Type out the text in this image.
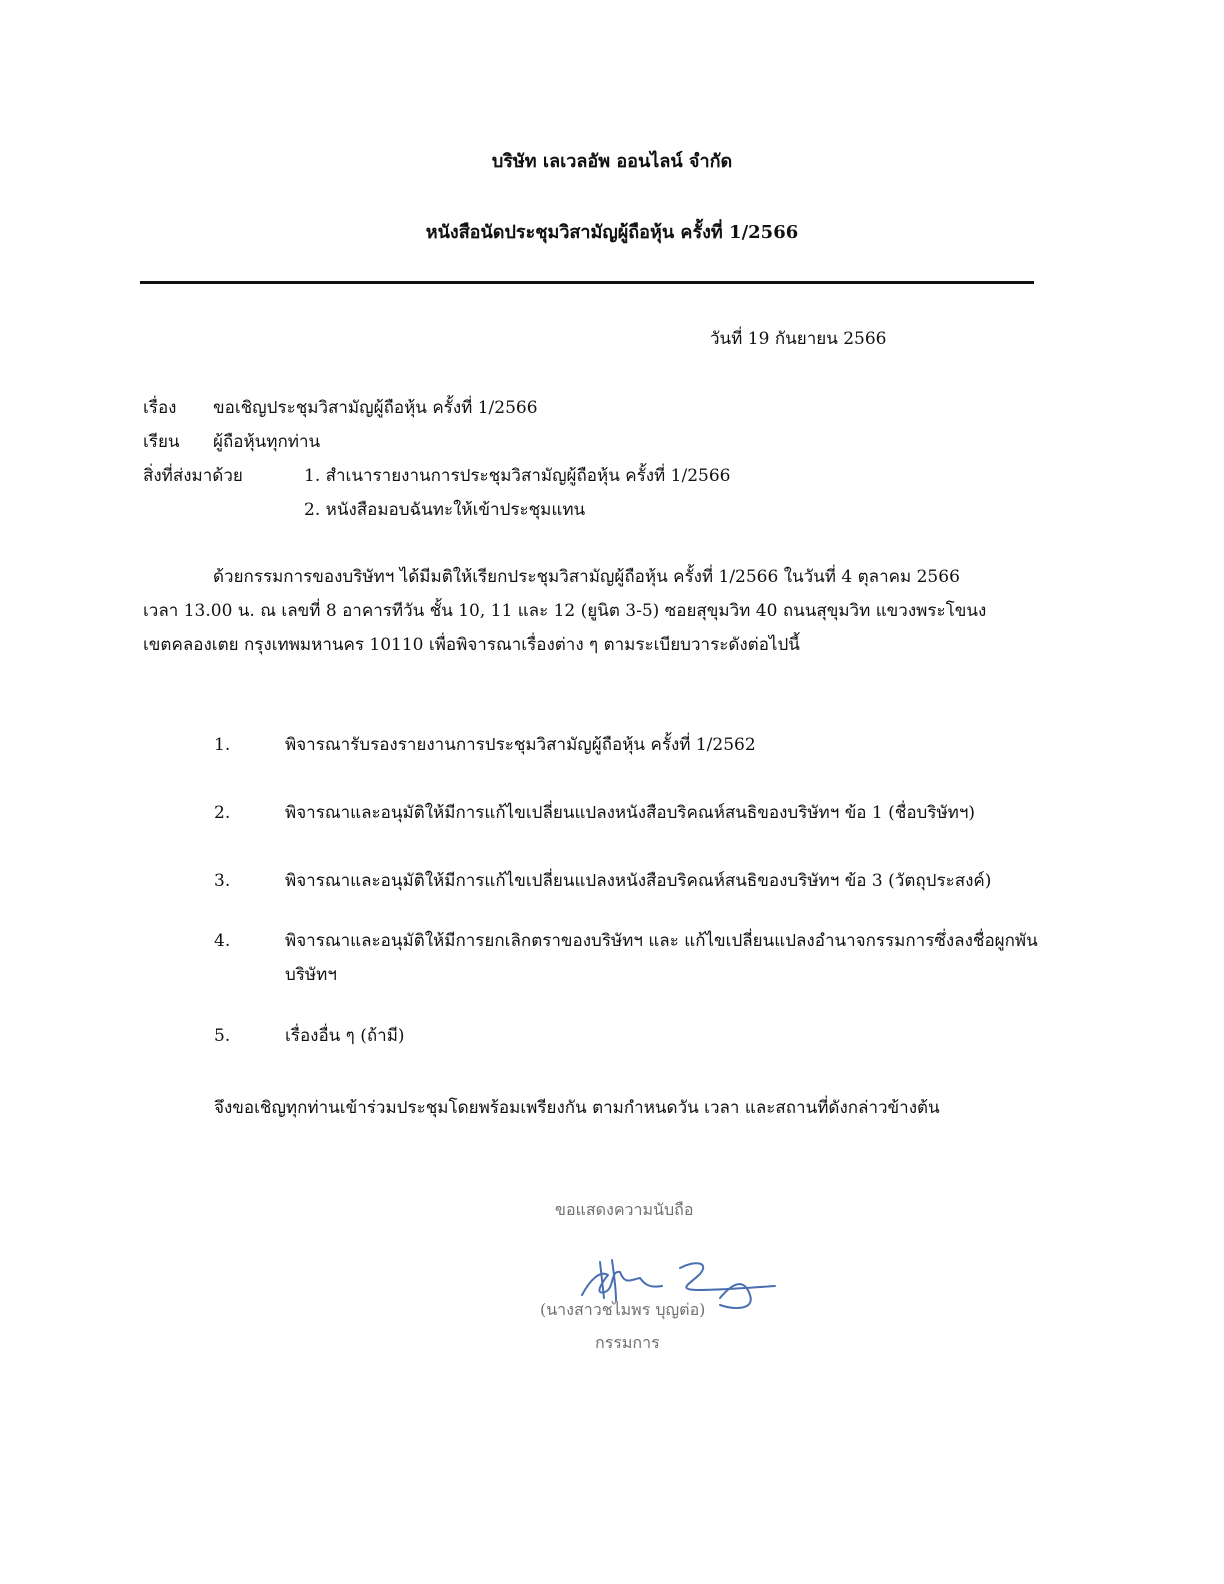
บริษัท เลเวลอัพ ออนไลน์ จำกัด
หนังสือนัดประชุมวิสามัญผู้ถือหุ้น ครั้งที่ 1/2566
วันที่ 19 กันยายน 2566
เรื่อง ขอเชิญประชุมวิสามัญผู้ถือหุ้น ครั้งที่ 1/2566
เรียน ผู้ถือหุ้นทุกท่าน
สิ่งที่ส่งมาด้วย	1. สำเนารายงานการประชุมวิสามัญผู้ถือหุ้น ครั้งที่ 1/2566
2. หนังสือมอบฉันทะให้เข้าประชุมแทน
ด้วยกรรมการของบริษัทฯ ได้มีมติให้เรียกประชุมวิสามัญผู้ถือหุ้น ครั้งที่ 1/2566 ในวันที่ 4 ตุลาคม 2566
เวลา 13.00 น. ณ เลขที่ 8 อาคารทีวัน ชั้น 10, 11 และ 12 (ยูนิต 3-5) ซอยสุขุมวิท 40 ถนนสุขุมวิท แขวงพระโขนง
เขตคลองเตย กรุงเทพมหานคร 10110 เพื่อพิจารณาเรื่องต่าง ๆ ตามระเบียบวาระดังต่อไปนี้
1.	พิจารณารับรองรายงานการประชุมวิสามัญผู้ถือหุ้น ครั้งที่ 1/2562
2.	พิจารณาและอนุมัติให้มีการแก้ไขเปลี่ยนแปลงหนังสือบริคณห์สนธิของบริษัทฯ ข้อ 1 (ชื่อบริษัทฯ)
3.	พิจารณาและอนุมัติให้มีการแก้ไขเปลี่ยนแปลงหนังสือบริคณห์สนธิของบริษัทฯ ข้อ 3 (วัตถุประสงค์)
4.	พิจารณาและอนุมัติให้มีการยกเลิกตราของบริษัทฯ และ แก้ไขเปลี่ยนแปลงอำนาจกรรมการซึ่งลงชื่อผูกพัน บริษัทฯ
5.	เรื่องอื่น ๆ (ถ้ามี)
จึงขอเชิญทุกท่านเข้าร่วมประชุมโดยพร้อมเพรียงกัน ตามกำหนดวัน เวลา และสถานที่ดังกล่าวข้างต้น
ขอแสดงความนับถือ
(นางสาวชไมพร บุญต่อ)
กรรมการ
